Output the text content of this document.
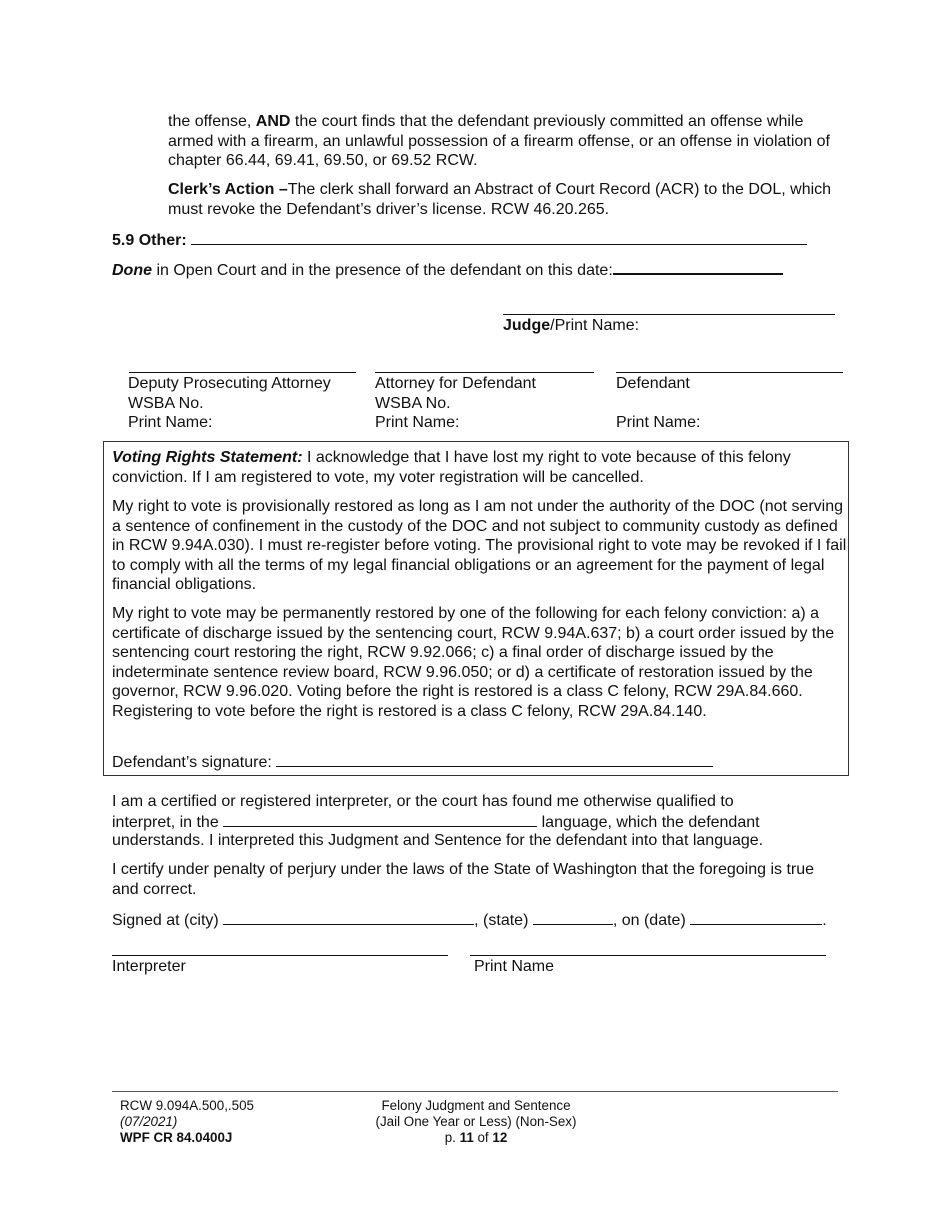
the offense, AND the court finds that the defendant previously committed an offense while armed with a firearm, an unlawful possession of a firearm offense, or an offense in violation of chapter 66.44, 69.41, 69.50, or 69.52 RCW.

Clerk’s Action –The clerk shall forward an Abstract of Court Record (ACR) to the DOL, which must revoke the Defendant’s driver’s license. RCW 46.20.265.

5.9 Other:
Done in Open Court and in the presence of the defendant on this date:
Judge/Print Name:

Deputy Prosecuting Attorney

WSBA No.

Print Name:

Attorney for Defendant

WSBA No.

Print Name:

Defendant

Print Name:

Voting Rights Statement: I acknowledge that I have lost my right to vote because of this felony conviction. If I am registered to vote, my voter registration will be cancelled.

My right to vote is provisionally restored as long as I am not under the authority of the DOC (not serving a sentence of confinement in the custody of the DOC and not subject to community custody as defined in RCW 9.94A.030). I must re-register before voting. The provisional right to vote may be revoked if I fail to comply with all the terms of my legal financial obligations or an agreement for the payment of legal financial obligations.

My right to vote may be permanently restored by one of the following for each felony conviction: a) a certificate of discharge issued by the sentencing court, RCW 9.94A.637; b) a court order issued by the sentencing court restoring the right, RCW 9.92.066; c) a final order of discharge issued by the indeterminate sentence review board, RCW 9.96.050; or d) a certificate of restoration issued by the governor, RCW 9.96.020. Voting before the right is restored is a class C felony, RCW 29A.84.660. Registering to vote before the right is restored is a class C felony, RCW 29A.84.140.

Defendant’s signature:

I am a certified or registered interpreter, or the court has found me otherwise qualified to

interpret, in the	language, which the defendant

understands. I interpreted this Judgment and Sentence for the defendant into that language.

I certify under penalty of perjury under the laws of the State of Washington that the foregoing is true and correct.

Signed at (city)	, (state)	, on (date)	.

Interpreter	Print Name

RCW 9.094A.500,.505

(07/2021)

WPF CR 84.0400J

Felony Judgment and Sentence

(Jail One Year or Less) (Non-Sex)

p. 11 of 12
